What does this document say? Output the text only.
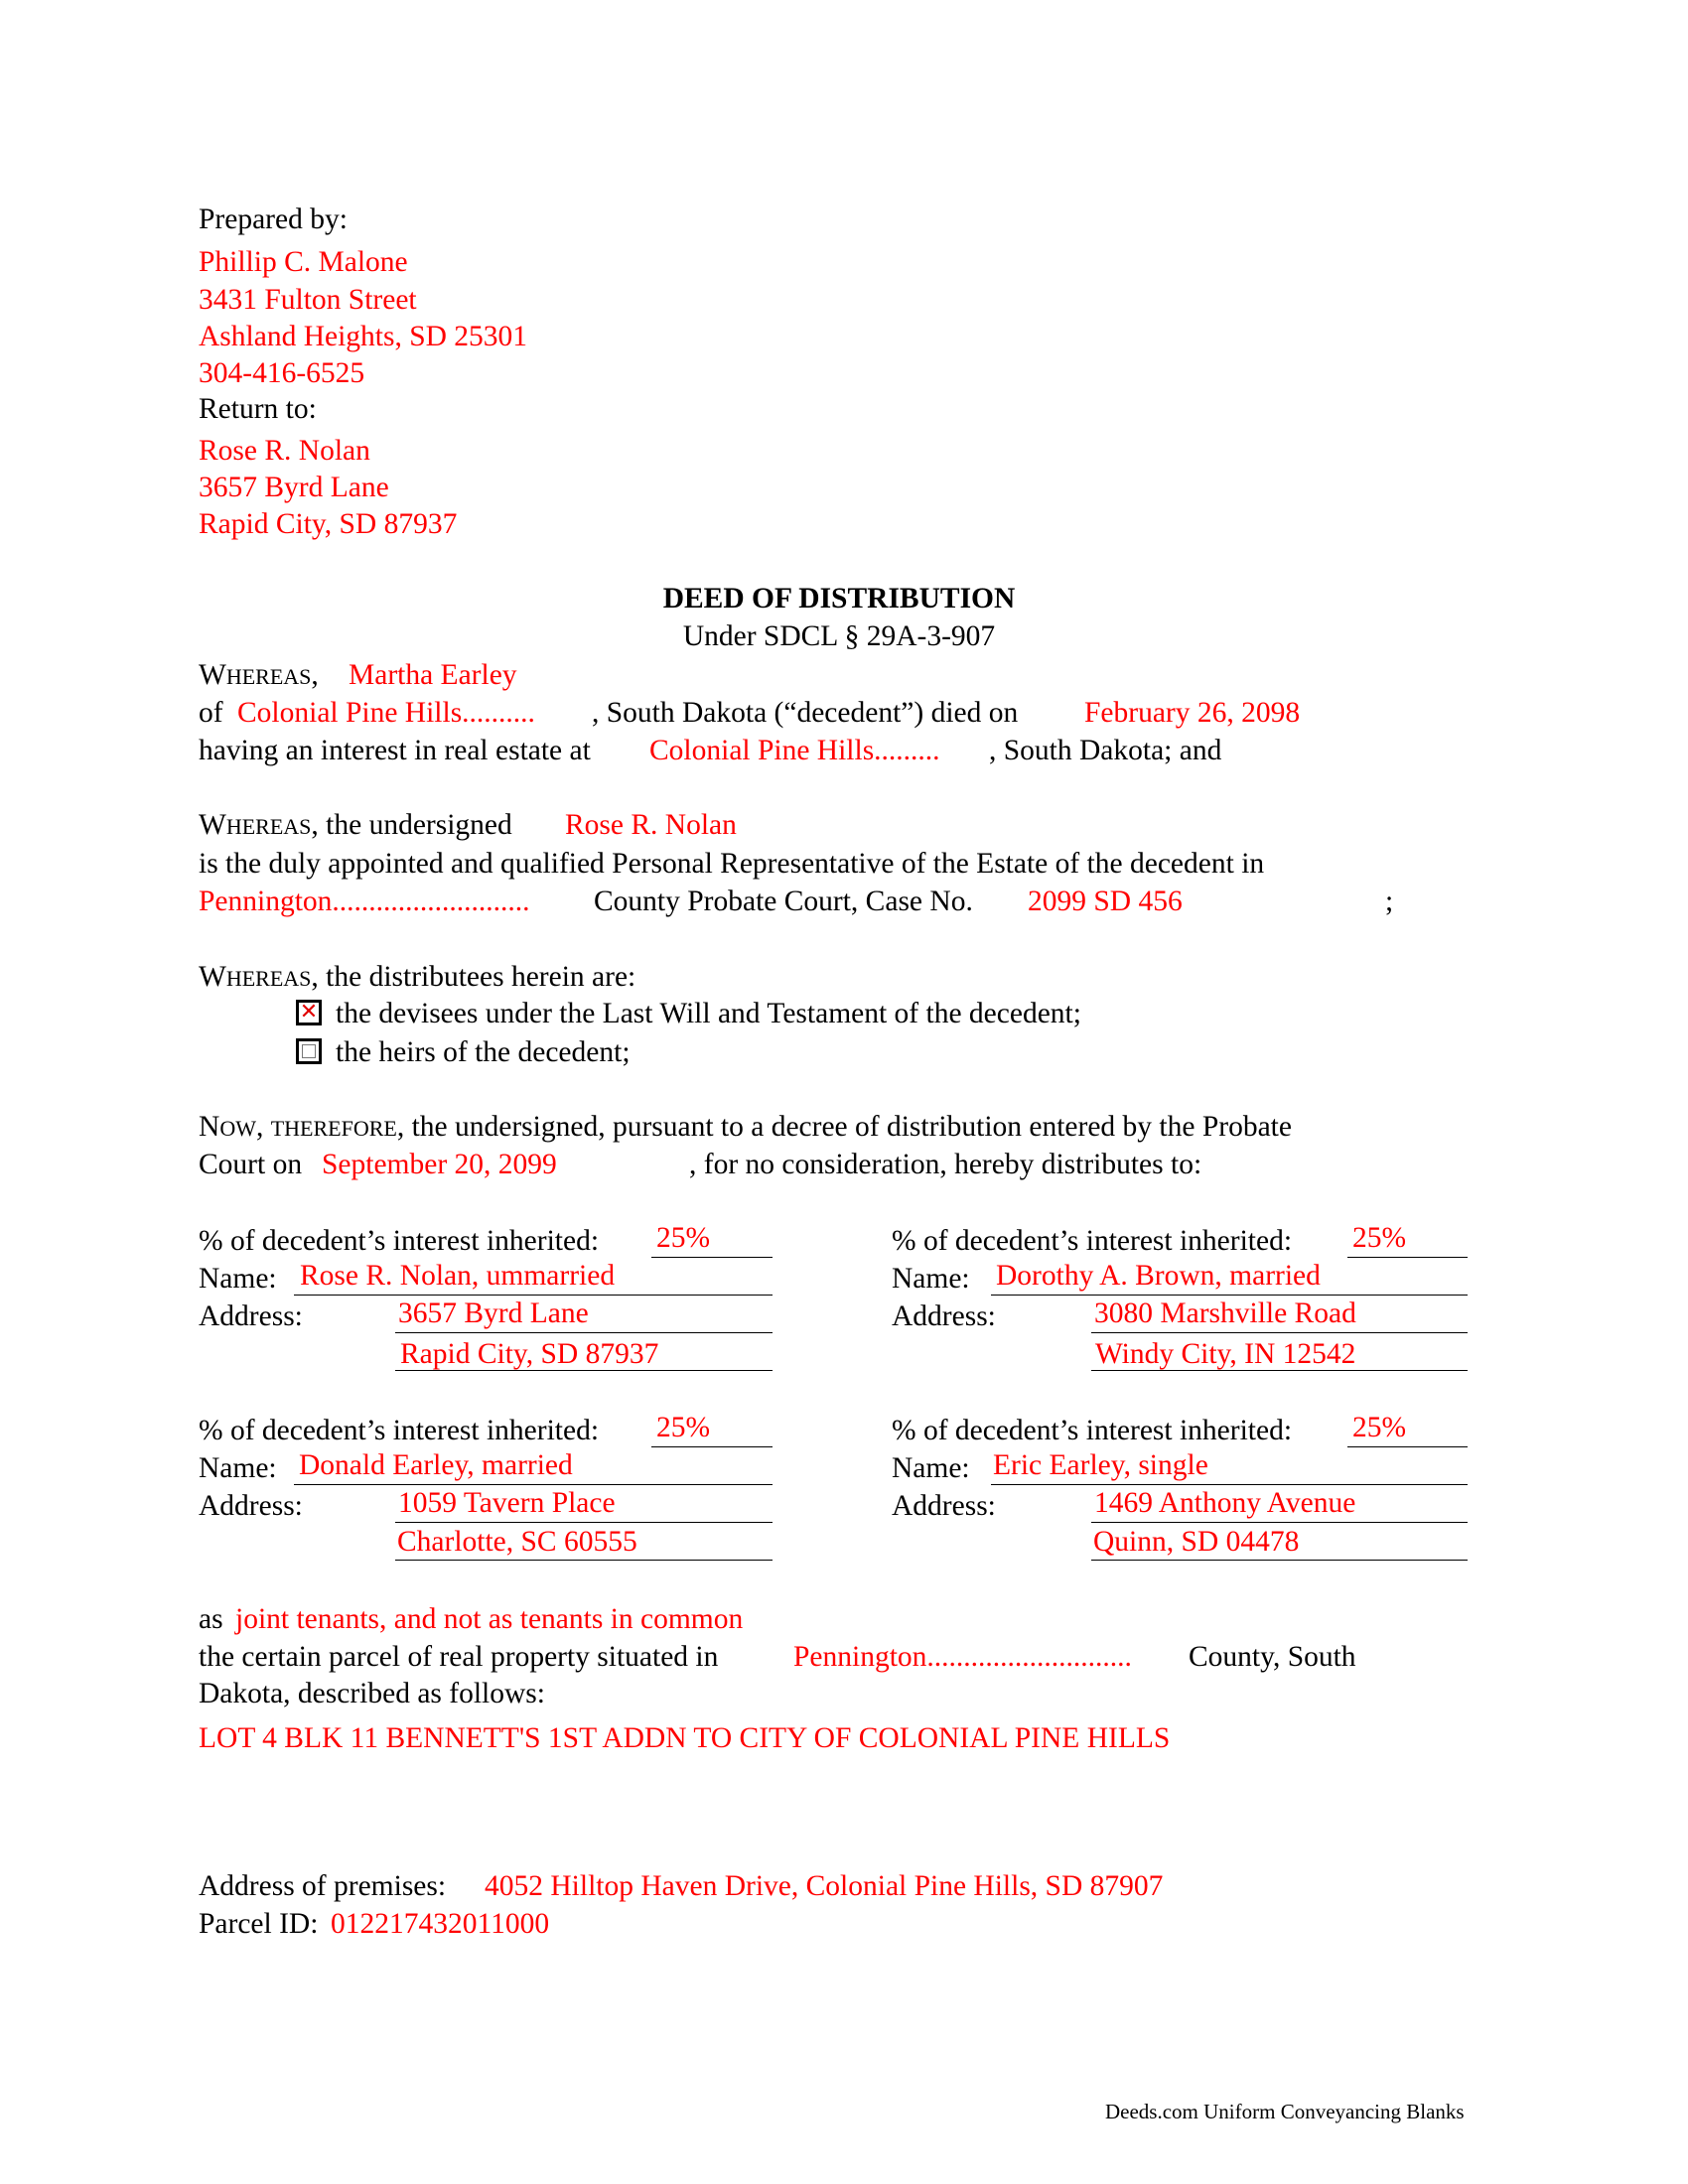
Prepared by:
Phillip C. Malone
3431 Fulton Street
Ashland Heights, SD 25301
304-416-6525
Return to:
Rose R. Nolan
3657 Byrd Lane
Rapid City, SD 87937
DEED OF DISTRIBUTION
Under SDCL § 29A-3-907
WHEREAS, Martha Earley
of Colonial Pine Hills.......... , South Dakota (“decedent”) died on February 26, 2098
having an interest in real estate at Colonial Pine Hills......... , South Dakota; and
WHEREAS, the undersigned Rose R. Nolan
is the duly appointed and qualified Personal Representative of the Estate of the decedent in
Pennington........................... County Probate Court, Case No. 2099 SD 456	;
WHEREAS, the distributees herein are:
✕ the devisees under the Last Will and Testament of the decedent;
the heirs of the decedent;
NOW, THEREFORE, the undersigned, pursuant to a decree of distribution entered by the Probate
Court on September 20, 2099	, for no consideration, hereby distributes to:
% of decedent’s interest inherited: 25%
Name: Rose R. Nolan, ummarried
Address:	3657 Byrd Lane
Rapid City, SD 87937
% of decedent’s interest inherited: 25%
Name: Dorothy A. Brown, married
Address:	3080 Marshville Road
Windy City, IN 12542
% of decedent’s interest inherited: 25%
Name: Donald Earley, married
Address:	1059 Tavern Place
Charlotte, SC 60555
% of decedent’s interest inherited: 25%
Name: Eric Earley, single
Address:	1469 Anthony Avenue
Quinn, SD 04478
as joint tenants, and not as tenants in common
the certain parcel of real property situated in	Pennington............................ County, South
Dakota, described as follows:
LOT 4 BLK 11 BENNETT'S 1ST ADDN TO CITY OF COLONIAL PINE HILLS
Address of premises: 4052 Hilltop Haven Drive, Colonial Pine Hills, SD 87907
Parcel ID: 012217432011000
Deeds.com Uniform Conveyancing Blanks
